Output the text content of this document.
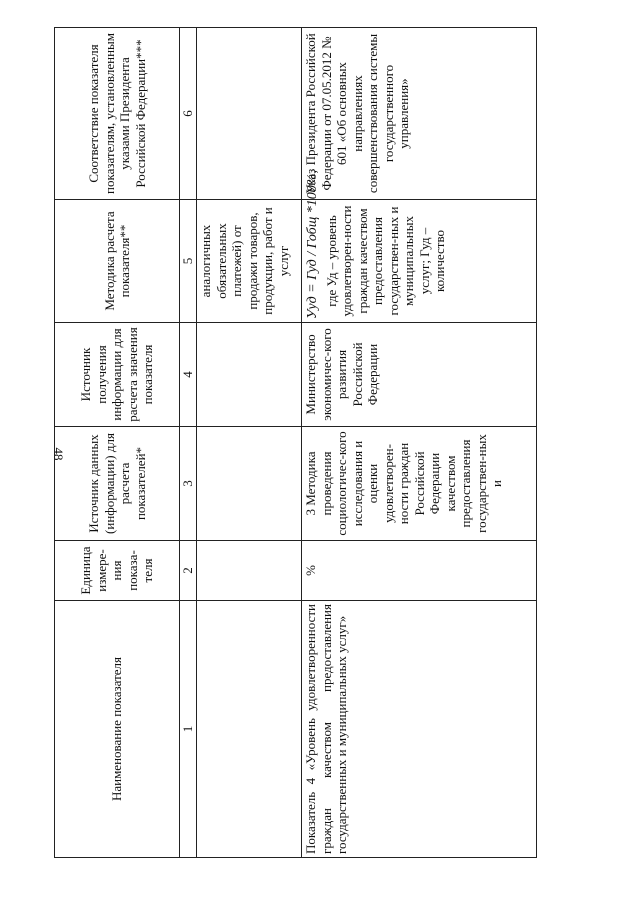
48
Наименование показателя	Единица измере-ния показа-теля	Источник данных (информации) для расчета показателей*	Источник получения информации для расчета значения показателя	Методика расчета показателя**	Соответствие показателя показателям, установленным указами Президента Российской Федерации***
1	2	3	4	5	6
				аналогичных обязательных платежей) от продажи товаров, продукции, работ и услуг	
Показатель 4 «Уровень удовлетворенности граждан качеством предоставления государственных и муниципальных услуг»	%	3 Методика проведения социологичес-кого исследования и оценки удовлетворен-ности граждан Российской Федерации качеством предоставления государствен-ных и	Министерство экономичес-кого развития Российской Федерации	Ууд = Гуд / Гобщ *100%, где Уд – уровень удовлетворен-ности граждан качеством предоставления государствен-ных и муниципальных услуг; Гуд – количество	Указ Президента Российской Федерации от 07.05.2012 № 601 «Об основных направлениях совершенствования системы государственного управления»
